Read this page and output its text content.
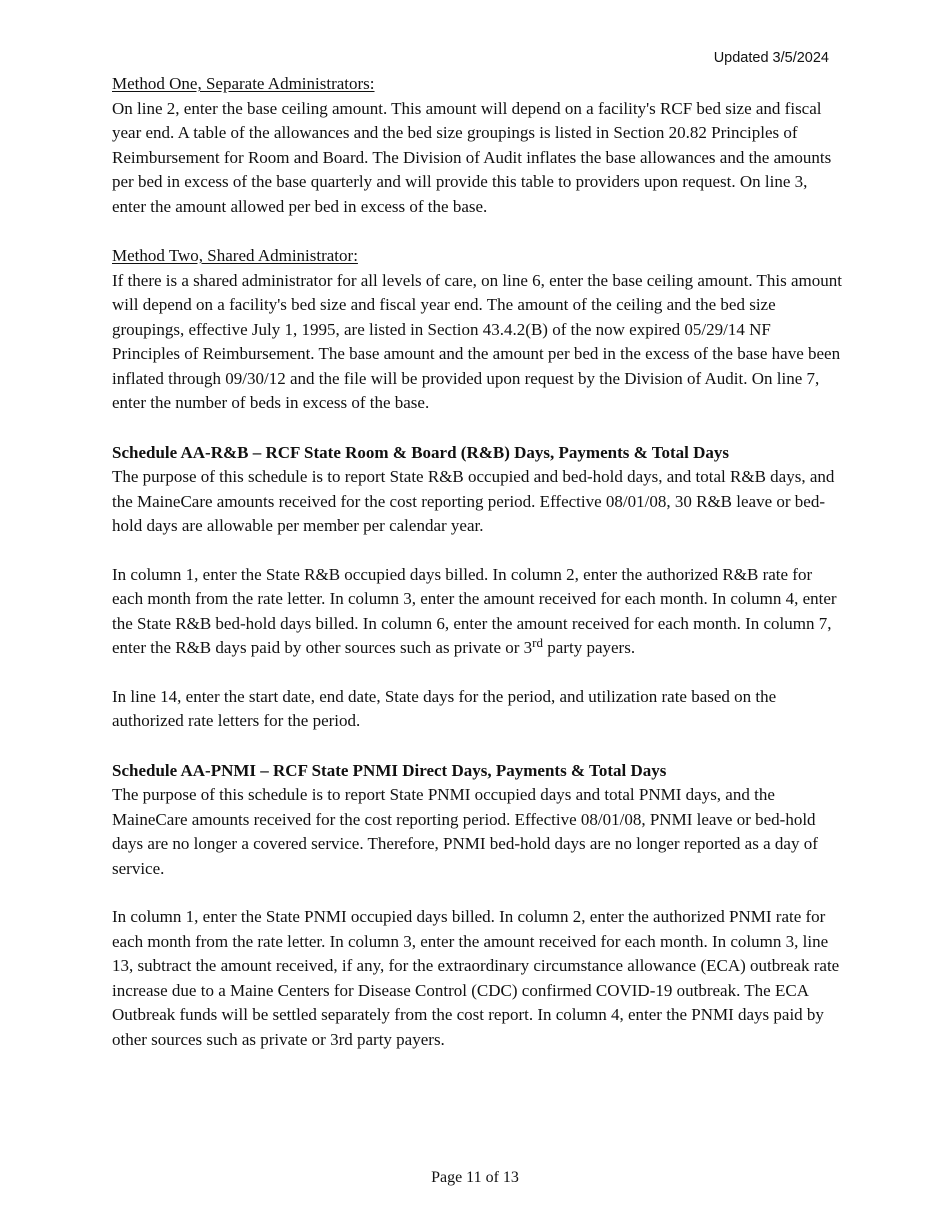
Updated 3/5/2024
Method One, Separate Administrators:

On line 2, enter the base ceiling amount. This amount will depend on a facility's RCF bed size and fiscal year end. A table of the allowances and the bed size groupings is listed in Section 20.82 Principles of Reimbursement for Room and Board. The Division of Audit inflates the base allowances and the amounts per bed in excess of the base quarterly and will provide this table to providers upon request. On line 3, enter the amount allowed per bed in excess of the base.

Method Two, Shared Administrator:

If there is a shared administrator for all levels of care, on line 6, enter the base ceiling amount. This amount will depend on a facility's bed size and fiscal year end. The amount of the ceiling and the bed size groupings, effective July 1, 1995, are listed in Section 43.4.2(B) of the now expired 05/29/14 NF Principles of Reimbursement. The base amount and the amount per bed in the excess of the base have been inflated through 09/30/12 and the file will be provided upon request by the Division of Audit. On line 7, enter the number of beds in excess of the base.

Schedule AA-R&B – RCF State Room & Board (R&B) Days, Payments & Total Days

The purpose of this schedule is to report State R&B occupied and bed-hold days, and total R&B days, and the MaineCare amounts received for the cost reporting period. Effective 08/01/08, 30 R&B leave or bed- hold days are allowable per member per calendar year.

In column 1, enter the State R&B occupied days billed. In column 2, enter the authorized R&B rate for each month from the rate letter. In column 3, enter the amount received for each month. In column 4, enter the State R&B bed-hold days billed. In column 6, enter the amount received for each month. In column 7, enter the R&B days paid by other sources such as private or 3rd party payers.

In line 14, enter the start date, end date, State days for the period, and utilization rate based on the authorized rate letters for the period.

Schedule AA-PNMI – RCF State PNMI Direct Days, Payments & Total Days

The purpose of this schedule is to report State PNMI occupied days and total PNMI days, and the MaineCare amounts received for the cost reporting period. Effective 08/01/08, PNMI leave or bed-hold days are no longer a covered service. Therefore, PNMI bed-hold days are no longer reported as a day of service.

In column 1, enter the State PNMI occupied days billed. In column 2, enter the authorized PNMI rate for each month from the rate letter. In column 3, enter the amount received for each month. In column 3, line 13, subtract the amount received, if any, for the extraordinary circumstance allowance (ECA) outbreak rate increase due to a Maine Centers for Disease Control (CDC) confirmed COVID-19 outbreak. The ECA Outbreak funds will be settled separately from the cost report. In column 4, enter the PNMI days paid by other sources such as private or 3rd party payers.

Page 11 of 13
